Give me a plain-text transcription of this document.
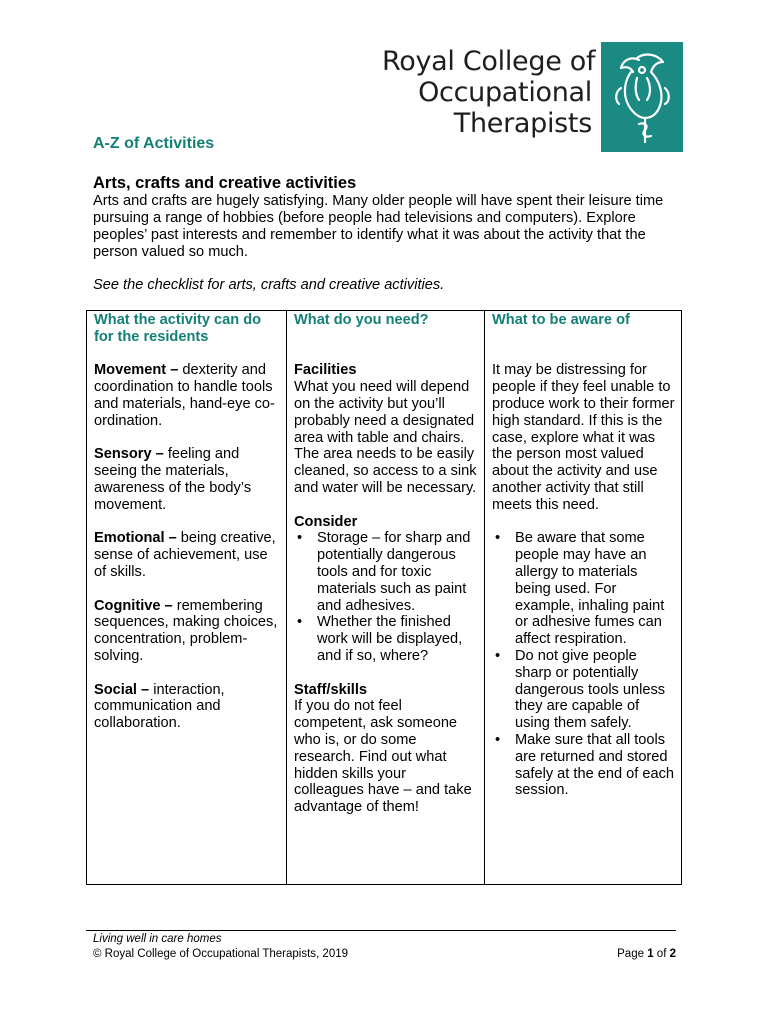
Royal College of
Occupational
Therapists
A-Z of Activities
Arts, crafts and creative activities

Arts and crafts are hugely satisfying. Many older people will have spent their leisure time pursuing a range of hobbies (before people had televisions and computers). Explore peoples’ past interests and remember to identify what it was about the activity that the person valued so much.

See the checklist for arts, crafts and creative activities.
What the activity can do for the residents
Movement – dexterity and coordination to handle tools and materials, hand-eye co-ordination.
Sensory – feeling and seeing the materials, awareness of the body’s movement.
Emotional – being creative, sense of achievement, use of skills.
Cognitive – remembering sequences, making choices, concentration, problem-solving.
Social – interaction, communication and collaboration.
What do you need?
Facilities
What you need will depend on the activity but you’ll probably need a designated area with table and chairs. The area needs to be easily cleaned, so access to a sink and water will be necessary.
Consider
• Storage – for sharp and potentially dangerous tools and for toxic materials such as paint and adhesives.
• Whether the finished work will be displayed, and if so, where?
Staff/skills
If you do not feel competent, ask someone who is, or do some research. Find out what hidden skills your colleagues have – and take advantage of them!
What to be aware of
It may be distressing for people if they feel unable to produce work to their former high standard. If this is the case, explore what it was the person most valued about the activity and use another activity that still meets this need.
• Be aware that some people may have an allergy to materials being used. For example, inhaling paint or adhesive fumes can affect respiration.
• Do not give people sharp or potentially dangerous tools unless they are capable of using them safely.
• Make sure that all tools are returned and stored safely at the end of each session.
Living well in care homes
© Royal College of Occupational Therapists, 2019	Page 1 of 2
